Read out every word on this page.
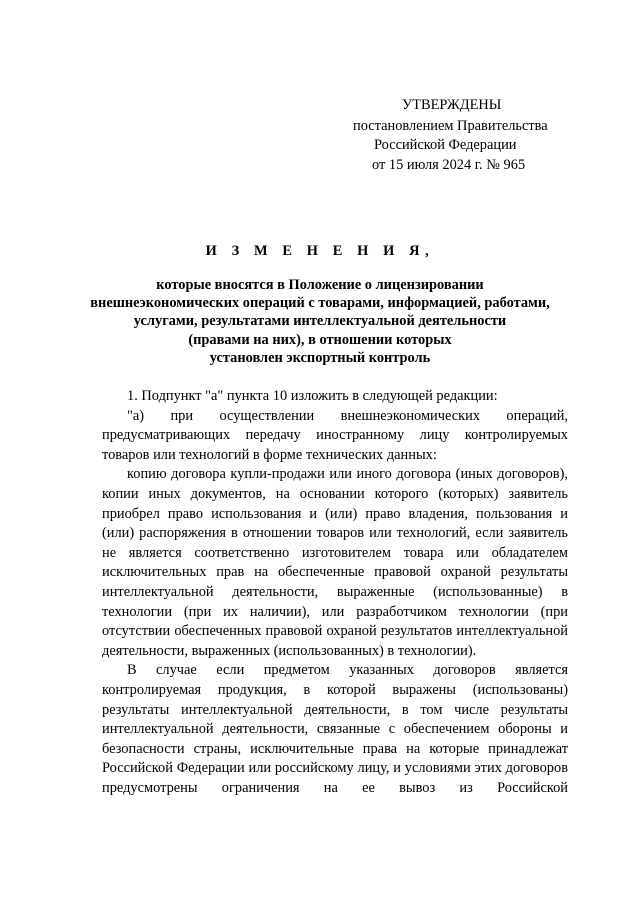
УТВЕРЖДЕНЫ
постановлением Правительства
Российской Федерации
от 15 июля 2024 г. № 965
И З М Е Н Е Н И Я,
которые вносятся в Положение о лицензировании
внешнеэкономических операций с товарами, информацией, работами,
услугами, результатами интеллектуальной деятельности
(правами на них), в отношении которых
установлен экспортный контроль

1. Подпункт "а" пункта 10 изложить в следующей редакции:

"а) при осуществлении внешнеэкономических операций, предусматривающих передачу иностранному лицу контролируемых товаров или технологий в форме технических данных:

копию договора купли-продажи или иного договора (иных договоров), копии иных документов, на основании которого (которых) заявитель приобрел право использования и (или) право владения, пользования и (или) распоряжения в отношении товаров или технологий, если заявитель не является соответственно изготовителем товара или обладателем исключительных прав на обеспеченные правовой охраной результаты интеллектуальной деятельности, выраженные (использованные) в технологии (при их наличии), или разработчиком технологии (при отсутствии обеспеченных правовой охраной результатов интеллектуальной деятельности, выраженных (использованных) в технологии).

В случае если предметом указанных договоров является контролируемая продукция, в которой выражены (использованы) результаты интеллектуальной деятельности, в том числе результаты интеллектуальной деятельности, связанные с обеспечением обороны и безопасности страны, исключительные права на которые принадлежат Российской Федерации или российскому лицу, и условиями этих договоров предусмотрены ограничения на ее вывоз из Российской
